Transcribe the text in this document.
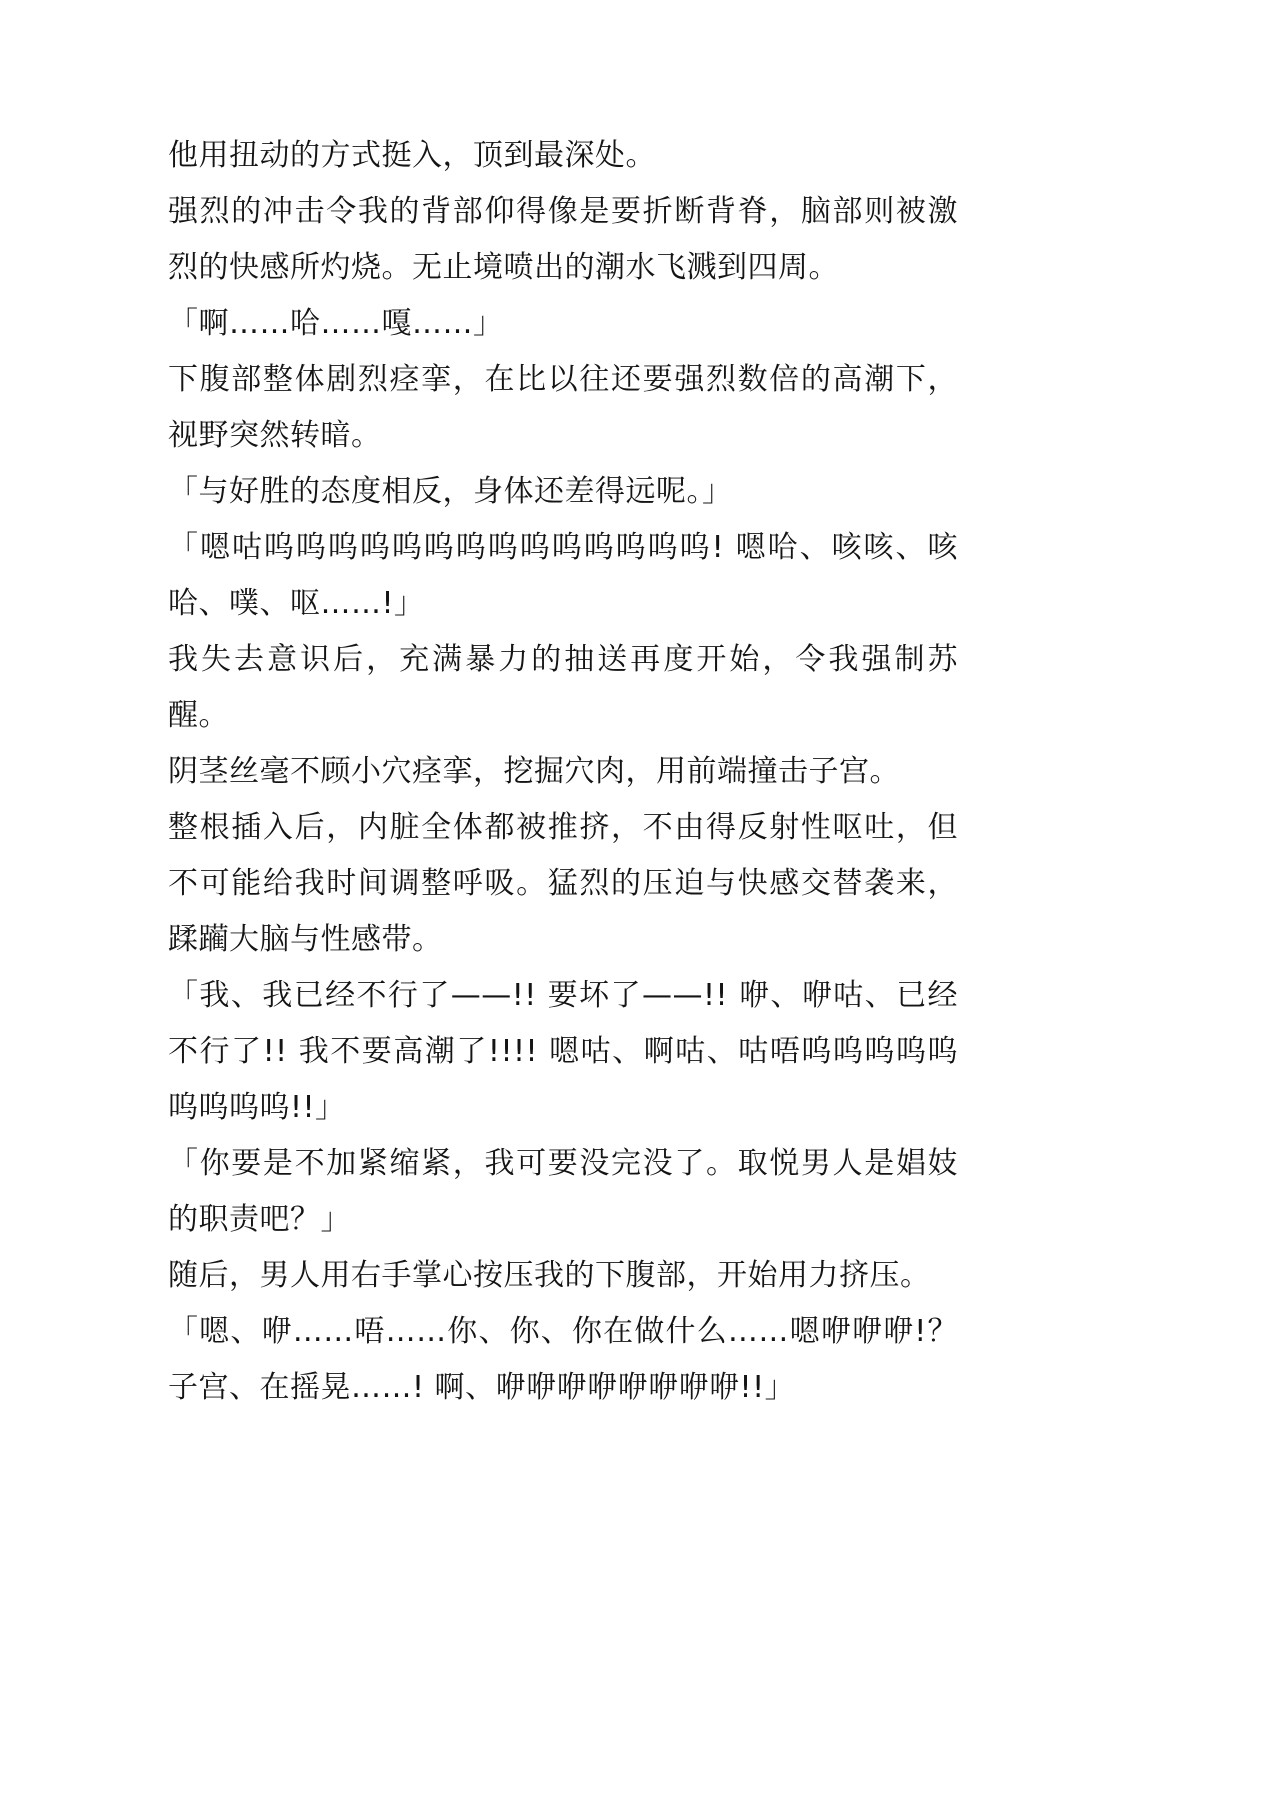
他用扭动的方式挺入，顶到最深处。

强烈的冲击令我的背部仰得像是要折断背脊，脑部则被激烈的快感所灼烧。无止境喷出的潮水飞溅到四周。

「啊……哈……嘎……」

下腹部整体剧烈痉挛，在比以往还要强烈数倍的高潮下，视野突然转暗。

「与好胜的态度相反，身体还差得远呢。」

「嗯咕呜呜呜呜呜呜呜呜呜呜呜呜呜呜! 嗯哈、咳咳、咳哈、噗、呕……!」

我失去意识后，充满暴力的抽送再度开始，令我强制苏醒。

阴茎丝毫不顾小穴痉挛，挖掘穴肉，用前端撞击子宫。

整根插入后，内脏全体都被推挤，不由得反射性呕吐，但不可能给我时间调整呼吸。猛烈的压迫与快感交替袭来，蹂躏大脑与性感带。

「我、我已经不行了——!! 要坏了——!! 咿、咿咕、已经不行了!! 我不要高潮了!!!! 嗯咕、啊咕、咕唔呜呜呜呜呜呜呜呜呜!!」

「你要是不加紧缩紧，我可要没完没了。取悦男人是娼妓的职责吧？」

随后，男人用右手掌心按压我的下腹部，开始用力挤压。

「嗯、咿……唔……你、你、你在做什么……嗯咿咿咿!？ 子宫、在摇晃……! 啊、咿咿咿咿咿咿咿咿!!」
